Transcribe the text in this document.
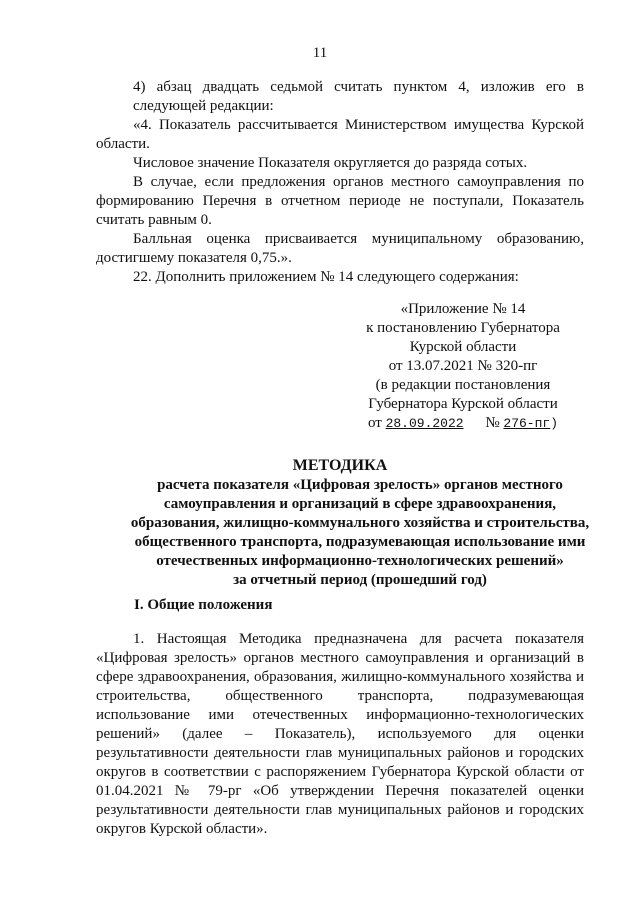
11

4) абзац двадцать седьмой считать пунктом 4, изложив его в
следующей редакции:

«4. Показатель рассчитывается Министерством имущества Курской
области.

Числовое значение Показателя округляется до разряда сотых.

В случае, если предложения органов местного самоуправления по
формированию Перечня в отчетном периоде не поступали, Показатель
считать равным 0.

Балльная оценка присваивается муниципальному образованию,
достигшему показателя 0,75.».

22. Дополнить приложением № 14 следующего содержания:

«Приложение № 14
к постановлению Губернатора
Курской области
от 13.07.2021 № 320-пг
(в редакции постановления
Губернатора Курской области
от 28.09.2022 № 276-пг)
МЕТОДИКА
расчета показателя «Цифровая зрелость» органов местного
самоуправления и организаций в сфере здравоохранения,
образования, жилищно-коммунального хозяйства и строительства,
общественного транспорта, подразумевающая использование ими
отечественных информационно-технологических решений»
за отчетный период (прошедший год)
I. Общие положения

1. Настоящая Методика предназначена для расчета показателя
«Цифровая зрелость» органов местного самоуправления и организаций в
сфере здравоохранения, образования, жилищно-коммунального хозяйства и
строительства, общественного транспорта, подразумевающая
использование ими отечественных информационно-технологических
решений» (далее – Показатель), используемого для оценки
результативности деятельности глав муниципальных районов и городских
округов в соответствии с распоряжением Губернатора Курской области от
01.04.2021 № 79-рг «Об утверждении Перечня показателей оценки
результативности деятельности глав муниципальных районов и городских
округов Курской области».
